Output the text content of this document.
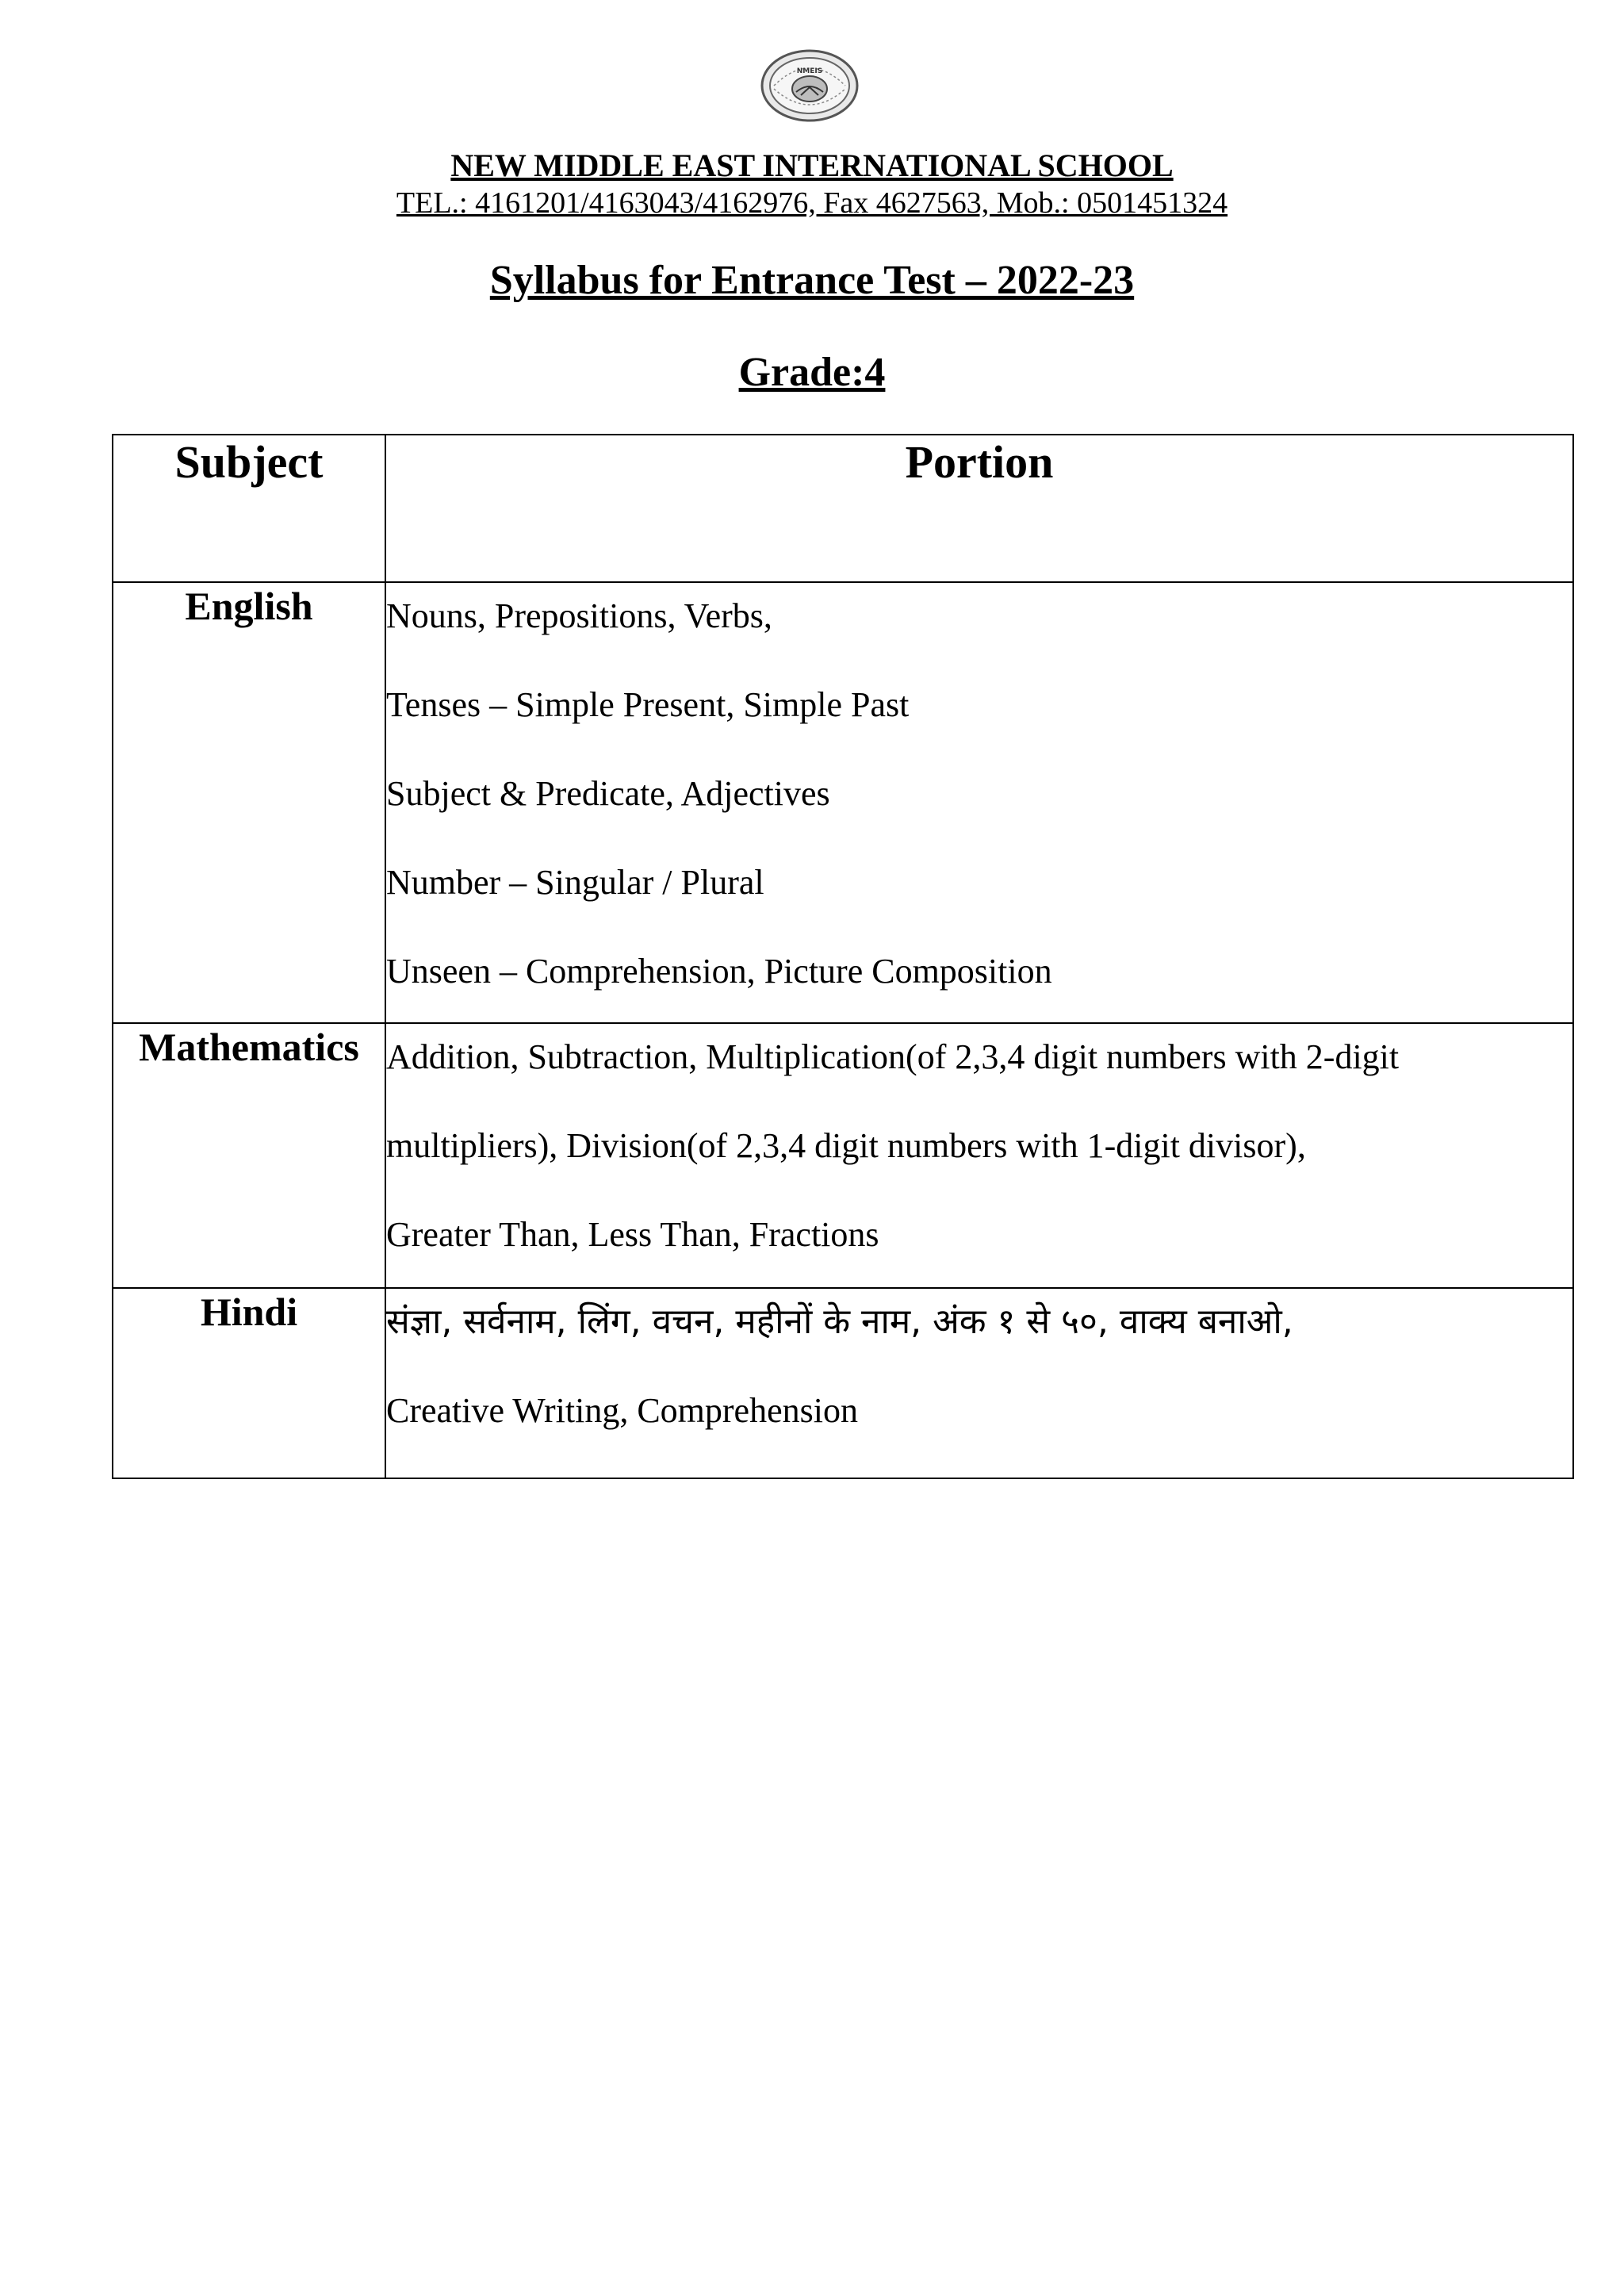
NMEIS
NEW MIDDLE EAST INTERNATIONAL SCHOOL
TEL.: 4161201/4163043/4162976, Fax 4627563, Mob.: 0501451324
Syllabus for Entrance Test – 2022-23
Grade:4
Subject	Portion
English	Nouns, Prepositions, Verbs,
Tenses – Simple Present, Simple Past
Subject & Predicate, Adjectives
Number – Singular / Plural
Unseen – Comprehension, Picture Composition

Mathematics	Addition, Subtraction, Multiplication(of 2,3,4 digit numbers with 2-digit
multipliers), Division(of 2,3,4 digit numbers with 1-digit divisor),
Greater Than, Less Than, Fractions

Hindi	संज्ञा, सर्वनाम, लिंग, वचन, महीनों के नाम, अंक १ से ५०, वाक्य बनाओ,
Creative Writing, Comprehension
